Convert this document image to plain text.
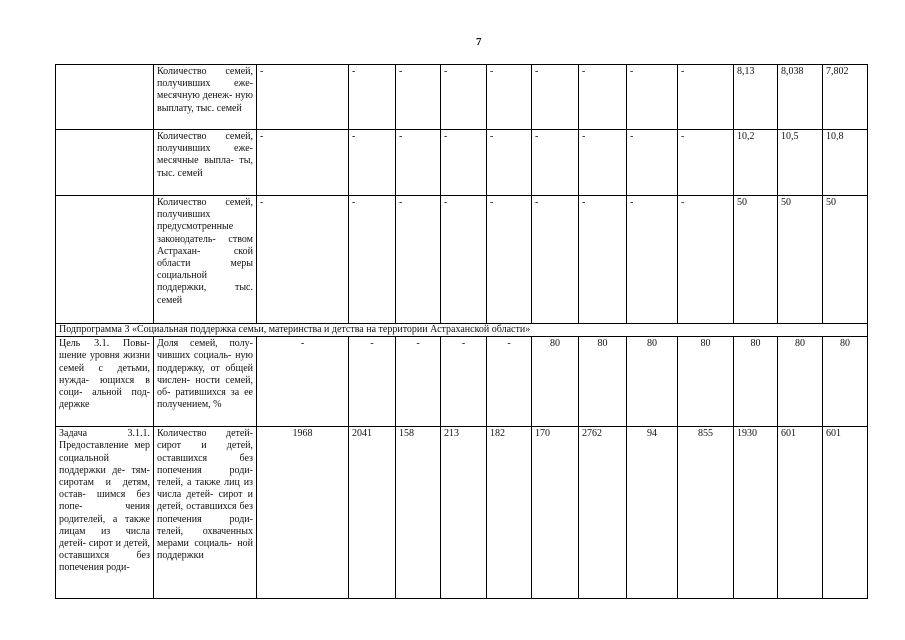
7
	Количество семей, получивших еже- месячную денеж- ную выплату, тыс. семей	-	-	-	-	-	-	-	-	-	8,13	8,038	7,802
	Количество семей, получивших еже- месячные выпла- ты, тыс. семей	-	-	-	-	-	-	-	-	-	10,2	10,5	10,8
	Количество семей, получивших предусмотренные законодатель- ством Астрахан- ской области меры социальной поддержки, тыс. семей	-	-	-	-	-	-	-	-	-	50	50	50
Подпрограмма 3 «Социальная поддержка семьи, материнства и детства на территории Астраханской области»													
Цель 3.1. Повы- шение уровня жизни семей с детьми, нужда- ющихся в соци- альной под- держке	Доля семей, полу- чивших социаль- ную поддержку, от общей числен- ности семей, об- ратившихся за ее получением, %	-	-	-	-	-	80	80	80	80	80	80	80
Задача 3.1.1. Предоставление мер социальной поддержки де- тям-сиротам и детям, остав- шимся без попе- чения родителей, а также лицам из числа детей- сирот и детей, оставшихся без попечения роди-	Количество детей- сирот и детей, оставшихся без попечения роди- телей, а также лиц из числа детей- сирот и детей, оставшихся без попечения роди- телей, охваченных мерами социаль- ной поддержки	1968	2041	158	213	182	170	2762	94	855	1930	601	601
